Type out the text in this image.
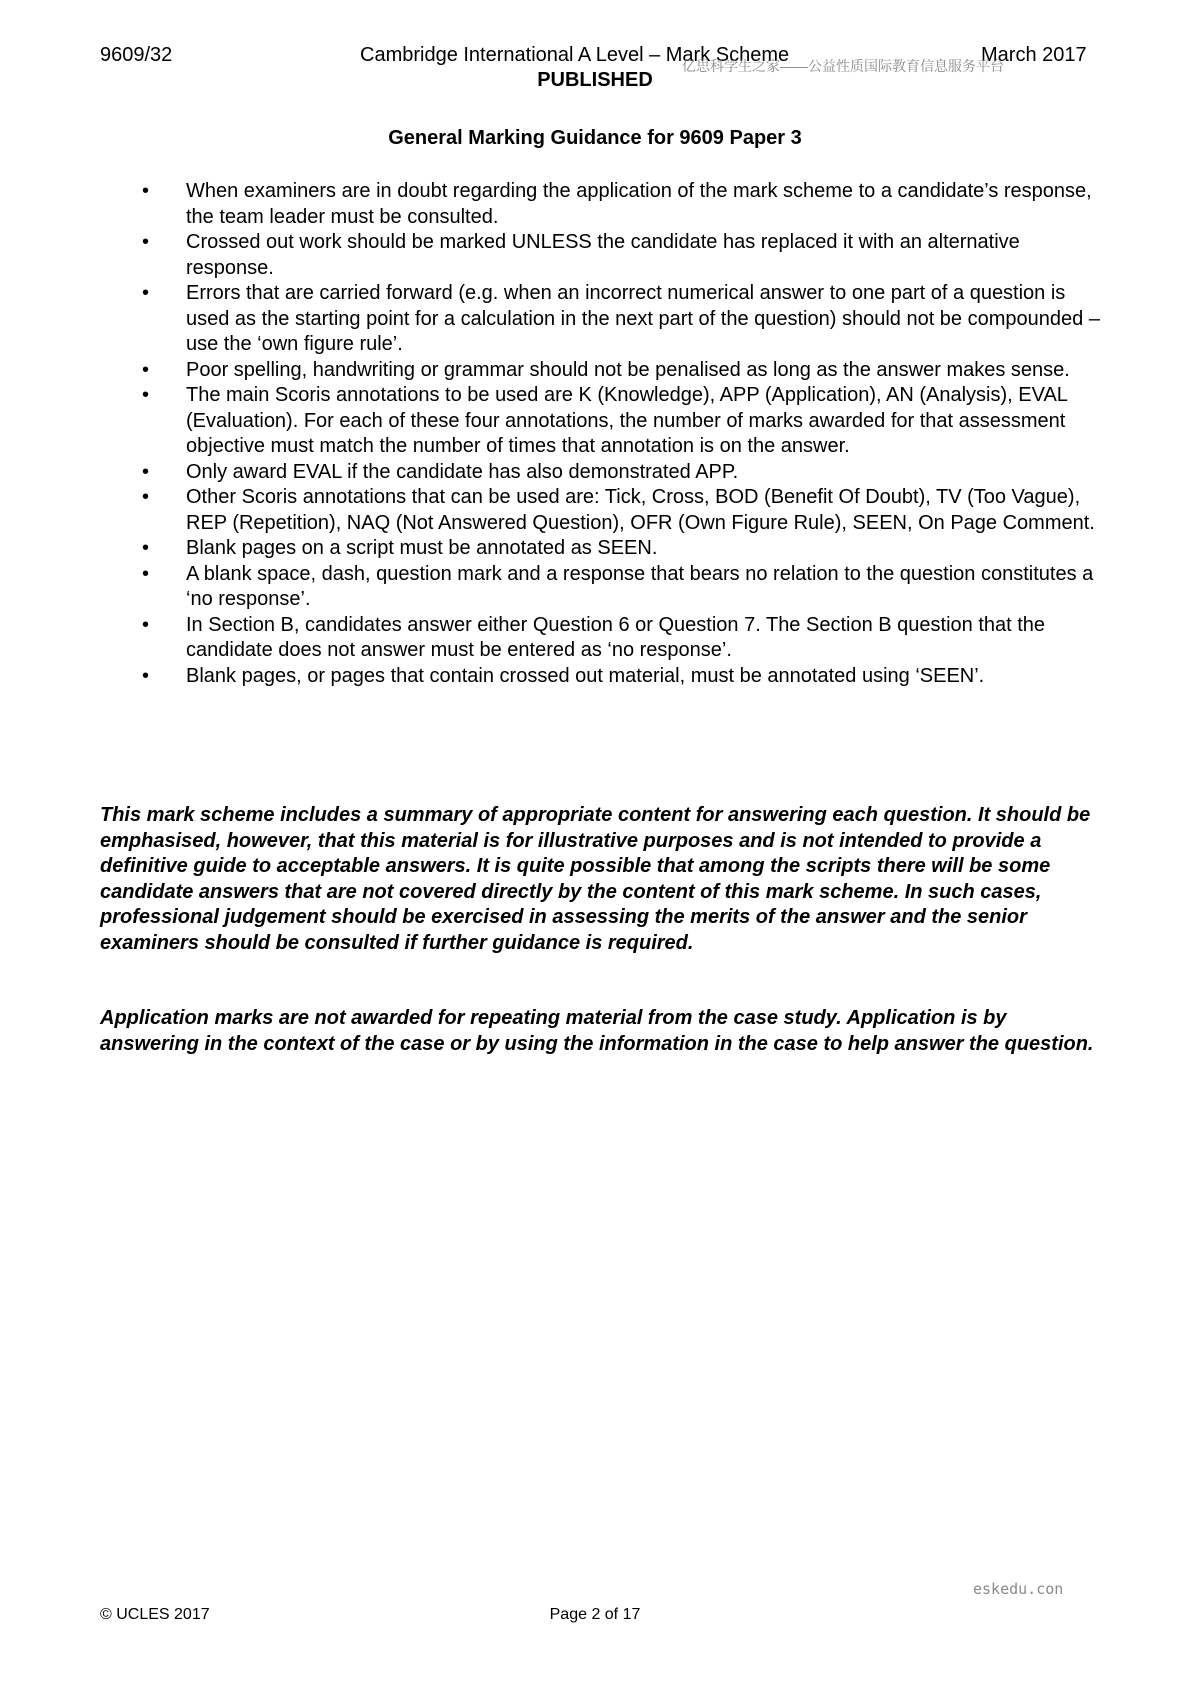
9609/32	Cambridge International A Level – Mark Scheme	March 2017
亿思科学生之家——公益性质国际教育信息服务平台
PUBLISHED
General Marking Guidance for 9609 Paper 3
• When examiners are in doubt regarding the application of the mark scheme to a candidate’s response, the team leader must be consulted.
• Crossed out work should be marked UNLESS the candidate has replaced it with an alternative response.
• Errors that are carried forward (e.g. when an incorrect numerical answer to one part of a question is used as the starting point for a calculation in the next part of the question) should not be compounded – use the ‘own figure rule’.
• Poor spelling, handwriting or grammar should not be penalised as long as the answer makes sense.
• The main Scoris annotations to be used are K (Knowledge), APP (Application), AN (Analysis), EVAL (Evaluation). For each of these four annotations, the number of marks awarded for that assessment objective must match the number of times that annotation is on the answer.
• Only award EVAL if the candidate has also demonstrated APP.
• Other Scoris annotations that can be used are: Tick, Cross, BOD (Benefit Of Doubt), TV (Too Vague), REP (Repetition), NAQ (Not Answered Question), OFR (Own Figure Rule), SEEN, On Page Comment.
• Blank pages on a script must be annotated as SEEN.
• A blank space, dash, question mark and a response that bears no relation to the question constitutes a ‘no response’.
• In Section B, candidates answer either Question 6 or Question 7. The Section B question that the candidate does not answer must be entered as ‘no response’.
• Blank pages, or pages that contain crossed out material, must be annotated using ‘SEEN’.

This mark scheme includes a summary of appropriate content for answering each question. It should be emphasised, however, that this material is for illustrative purposes and is not intended to provide a definitive guide to acceptable answers. It is quite possible that among the scripts there will be some candidate answers that are not covered directly by the content of this mark scheme. In such cases, professional judgement should be exercised in assessing the merits of the answer and the senior examiners should be consulted if further guidance is required.

Application marks are not awarded for repeating material from the case study. Application is by answering in the context of the case or by using the information in the case to help answer the question.

eskedu.con
© UCLES 2017	Page 2 of 17
